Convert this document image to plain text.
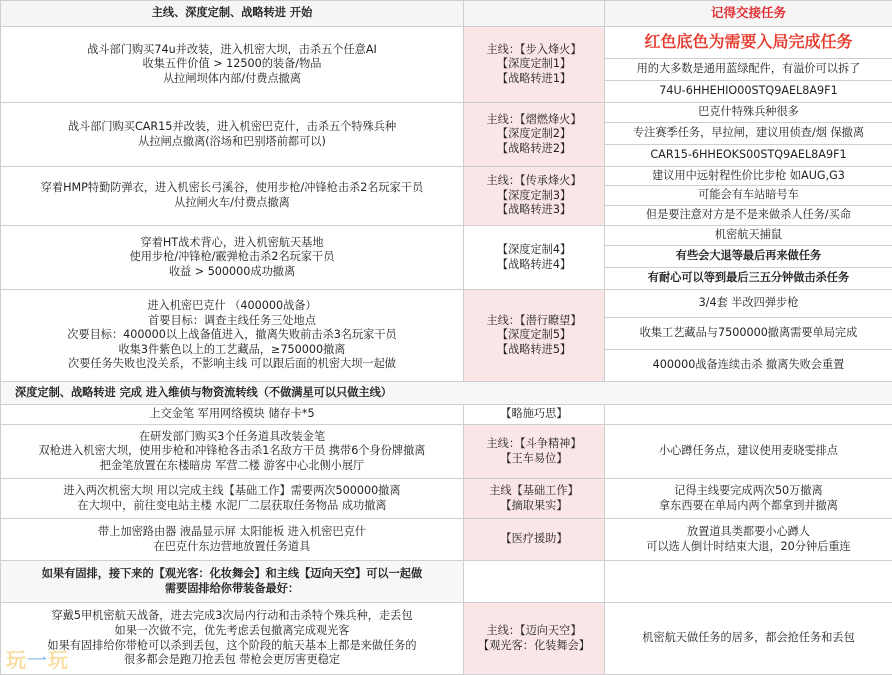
主线、深度定制、战略转进 开始		记得交接任务
战斗部门购买74u并改装，进入机密大坝，击杀五个任意AI
收集五件价值 > 12500的装备/物品
从拉闸坝体内部/付费点撤离	主线：【步入烽火】
【深度定制1】
【战略转进1】	红色底色为需要入局完成任务
		用的大多数是通用蓝绿配件，有溢价可以拆了
		74U-6HHEHIO00STQ9AEL8A9F1
战斗部门购买CAR15并改装，进入机密巴克什，击杀五个特殊兵种
从拉闸点撤离(浴场和巴别塔前都可以)	主线：【熠燃烽火】
【深度定制2】
【战略转进2】	巴克什特殊兵种很多
		专注赛季任务，早拉闸，建议用侦查/烟 保撤离
		CAR15-6HHEOKS00STQ9AEL8A9F1
穿着HMP特勤防弹衣，进入机密长弓溪谷，使用步枪/冲锋枪击杀2名玩家干员
从拉闸火车/付费点撤离	主线：【传承烽火】
【深度定制3】
【战略转进3】	建议用中远射程性价比步枪 如AUG,G3
		可能会有车站暗号车
		但是要注意对方是不是来做杀人任务/买命
穿着HT战术背心，进入机密航天基地
使用步枪/冲锋枪/霰弹枪击杀2名玩家干员
收益 > 500000成功撤离	【深度定制4】
【战略转进4】	机密航天捕鼠
		有些会大退等最后再来做任务
		有耐心可以等到最后三五分钟做击杀任务
进入机密巴克什 （400000战备）
首要目标：调查主线任务三处地点
次要目标：400000以上战备值进入，撤离失败前击杀3名玩家干员
收集3件紫色以上的工艺藏品，≥750000撤离
次要任务失败也没关系，不影响主线 可以跟后面的机密大坝一起做	主线：【潜行瞭望】
【深度定制5】
【战略转进5】	3/4套 半改四弹步枪
		收集工艺藏品与7500000撤离需要单局完成
		400000战备连续击杀 撤离失败会重置
深度定制、战略转进 完成 进入维侦与物资流转线（不做满星可以只做主线）		
上交金笔 军用网络模块 储存卡*5	【略施巧思】	
在研发部门购买3个任务道具改装金笔
双枪进入机密大坝，使用步枪和冲锋枪各击杀1名敌方干员 携带6个身份牌撤离
把金笔放置在东楼暗房 军营二楼 游客中心北侧小展厅	主线：【斗争精神】
【王车易位】	小心蹲任务点，建议使用麦晓雯排点
进入两次机密大坝 用以完成主线【基础工作】需要两次500000撤离
在大坝中，前往变电站主楼 水泥厂二层获取任务物品 成功撤离	主线【基础工作】
【摘取果实】	记得主线要完成两次50万撤离
拿东西要在单局内两个都拿到并撤离
带上加密路由器 液晶显示屏 太阳能板 进入机密巴克什
在巴克什东边营地放置任务道具	【医疗援助】	放置道具类都要小心蹲人
可以选人倒计时结束大退，20分钟后重连
如果有固排，接下来的【观光客：化妆舞会】和主线【迈向天空】可以一起做
需要固排给你带装备最好：		
穿戴5甲机密航天战备，进去完成3次局内行动和击杀特个殊兵种，走丢包
如果一次做不完，优先考虑丢包撤离完成观光客
如果有固排给你带枪可以杀到丢包，这个阶段的航天基本上都是来做任务的
很多都会是跑刀抢丢包 带枪会更厉害更稳定	主线：【迈向天空】
【观光客：化装舞会】	机密航天做任务的居多，都会抢任务和丢包
玩一玩
